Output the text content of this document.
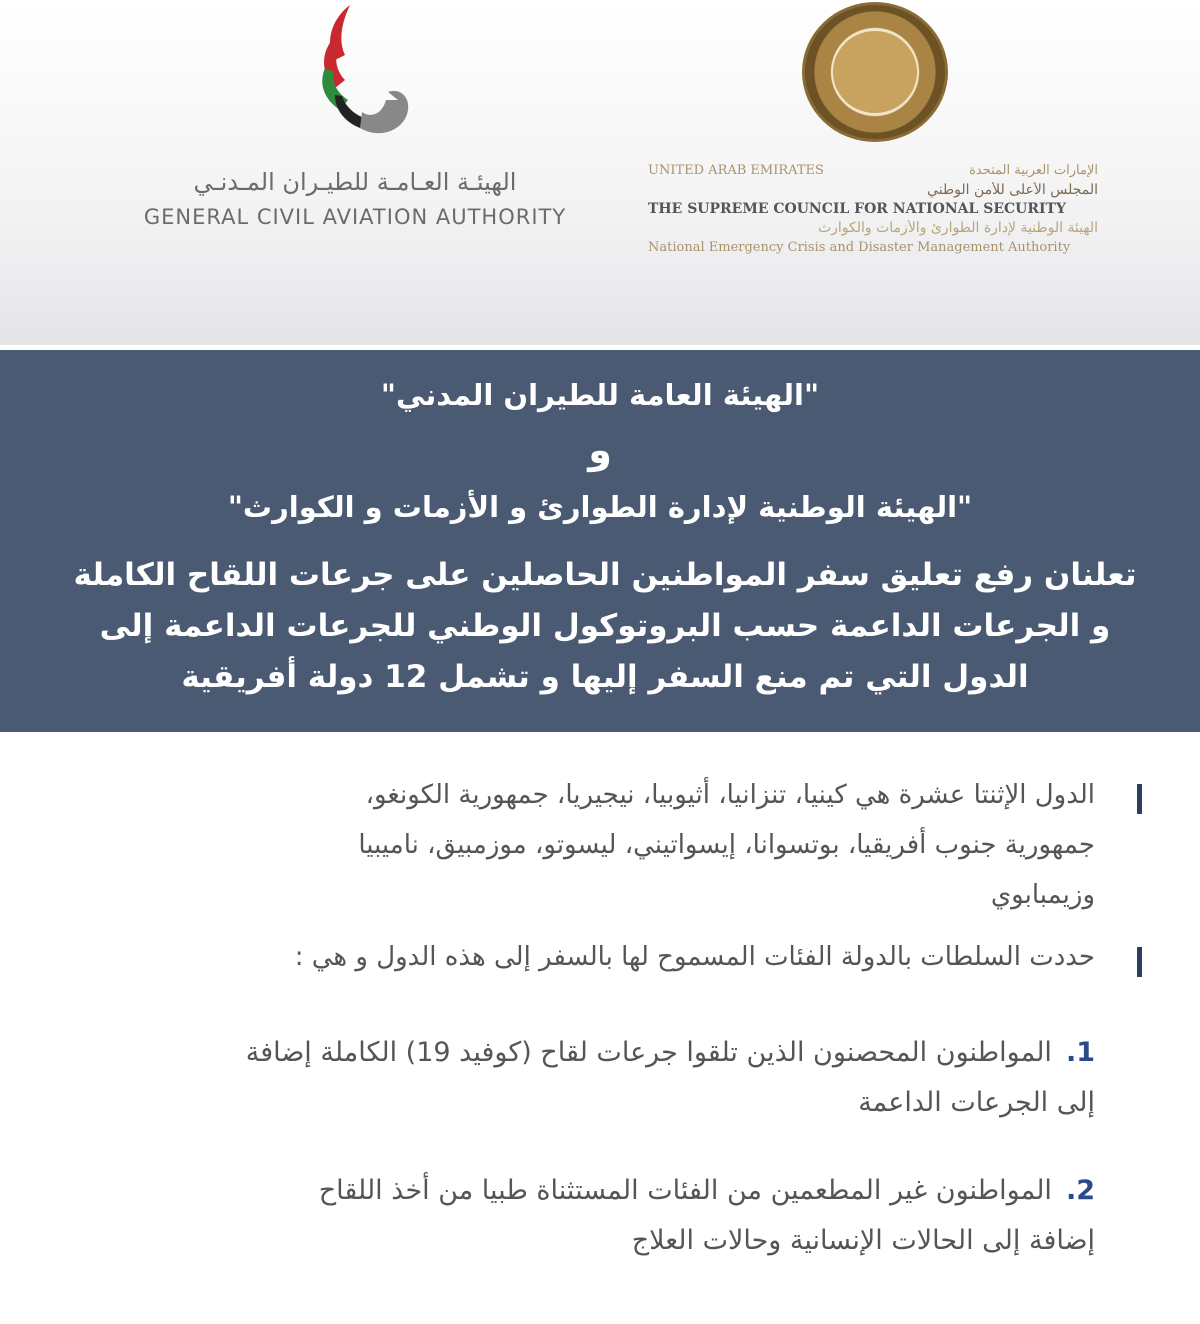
الهيئـة العـامـة للطيـران المـدنـي
GENERAL CIVIL AVIATION AUTHORITY
UNITED ARAB EMIRATES	الإمارات العربية المتحدة
المجلس الأعلى للأمن الوطني
THE SUPREME COUNCIL FOR NATIONAL SECURITY
الهيئة الوطنية لإدارة الطوارئ والأزمات والكوارث
National Emergency Crisis and Disaster Management Authority
"الهيئة العامة للطيران المدني"
و
"الهيئة الوطنية لإدارة الطوارئ و الأزمات و الكوارث"
تعلنان رفع تعليق سفر المواطنين الحاصلين على جرعات اللقاح الكاملة
و الجرعات الداعمة حسب البروتوكول الوطني للجرعات الداعمة إلى
الدول التي تم منع السفر إليها و تشمل 12 دولة أفريقية
الدول الإثنتا عشرة هي كينيا، تنزانيا، أثيوبيا، نيجيريا، جمهورية الكونغو،
جمهورية جنوب أفريقيا، بوتسوانا، إيسواتيني، ليسوتو، موزمبيق، ناميبيا
وزيمبابوي
حددت السلطات بالدولة الفئات المسموح لها بالسفر إلى هذه الدول و هي :
1.المواطنون المحصنون الذين تلقوا جرعات لقاح (كوفيد 19) الكاملة إضافة
إلى الجرعات الداعمة
2.المواطنون غير المطعمين من الفئات المستثناة طبيا من أخذ اللقاح
إضافة إلى الحالات الإنسانية وحالات العلاج
